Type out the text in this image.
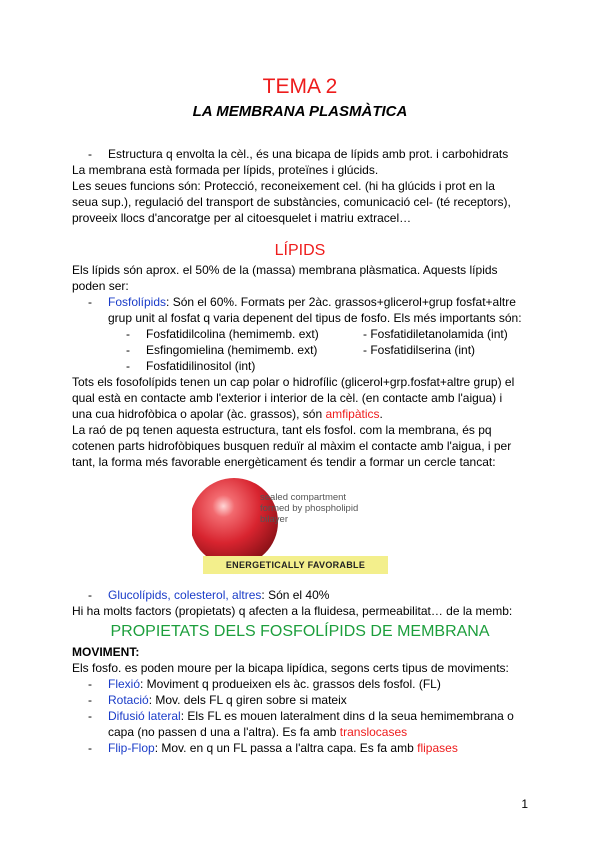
TEMA 2
LA MEMBRANA PLASMÀTICA
- Estructura q envolta la cèl., és una bicapa de lípids amb prot. i carbohidrats
La membrana està formada per lípids, proteïnes i glúcids.
Les seues funcions són: Protecció, reconeixement cel. (hi ha glúcids i prot en la
seua sup.), regulació del transport de substàncies, comunicació cel- (té receptors),
proveeix llocs d'ancoratge per al citoesquelet i matriu extracel…
LÍPIDS
Els lípids són aprox. el 50% de la (massa) membrana plàsmatica. Aquests lípids
poden ser:
- Fosfolípids: Són el 60%. Formats per 2àc. grassos+glicerol+grup fosfat+altre
grup unit al fosfat q varia depenent del tipus de fosfo. Els més importants són:
- Fosfatidilcolina (hemimemb. ext)	- Fosfatidiletanolamida (int)
- Esfingomielina (hemimemb. ext)	- Fosfatidilserina (int)
- Fosfatidilinositol (int)
Tots els fosofolípids tenen un cap polar o hidrofílic (glicerol+grp.fosfat+altre grup) el
qual està en contacte amb l'exterior i interior de la cèl. (en contacte amb l'aigua) i
una cua hidrofòbica o apolar (àc. grassos), són amfipàtics.
La raó de pq tenen aquesta estructura, tant els fosfol. com la membrana, és pq
cotenen parts hidrofòbiques busquen reduïr al màxim el contacte amb l'aigua, i per
tant, la forma més favorable energèticament és tendir a formar un cercle tancat:
sealed compartment
formed by phospholipid
bilayer
ENERGETICALLY FAVORABLE
- Glucolípids, colesterol, altres: Són el 40%
Hi ha molts factors (propietats) q afecten a la fluidesa, permeabilitat… de la memb:
PROPIETATS DELS FOSFOLÍPIDS DE MEMBRANA
MOVIMENT:
Els fosfo. es poden moure per la bicapa lipídica, segons certs tipus de moviments:
- Flexió: Moviment q produeixen els àc. grassos dels fosfol. (FL)
- Rotació: Mov. dels FL q giren sobre si mateix
- Difusió lateral: Els FL es mouen lateralment dins d la seua hemimembrana o
capa (no passen d una a l'altra). Es fa amb translocases
- Flip-Flop: Mov. en q un FL passa a l'altra capa. Es fa amb flipases
1
